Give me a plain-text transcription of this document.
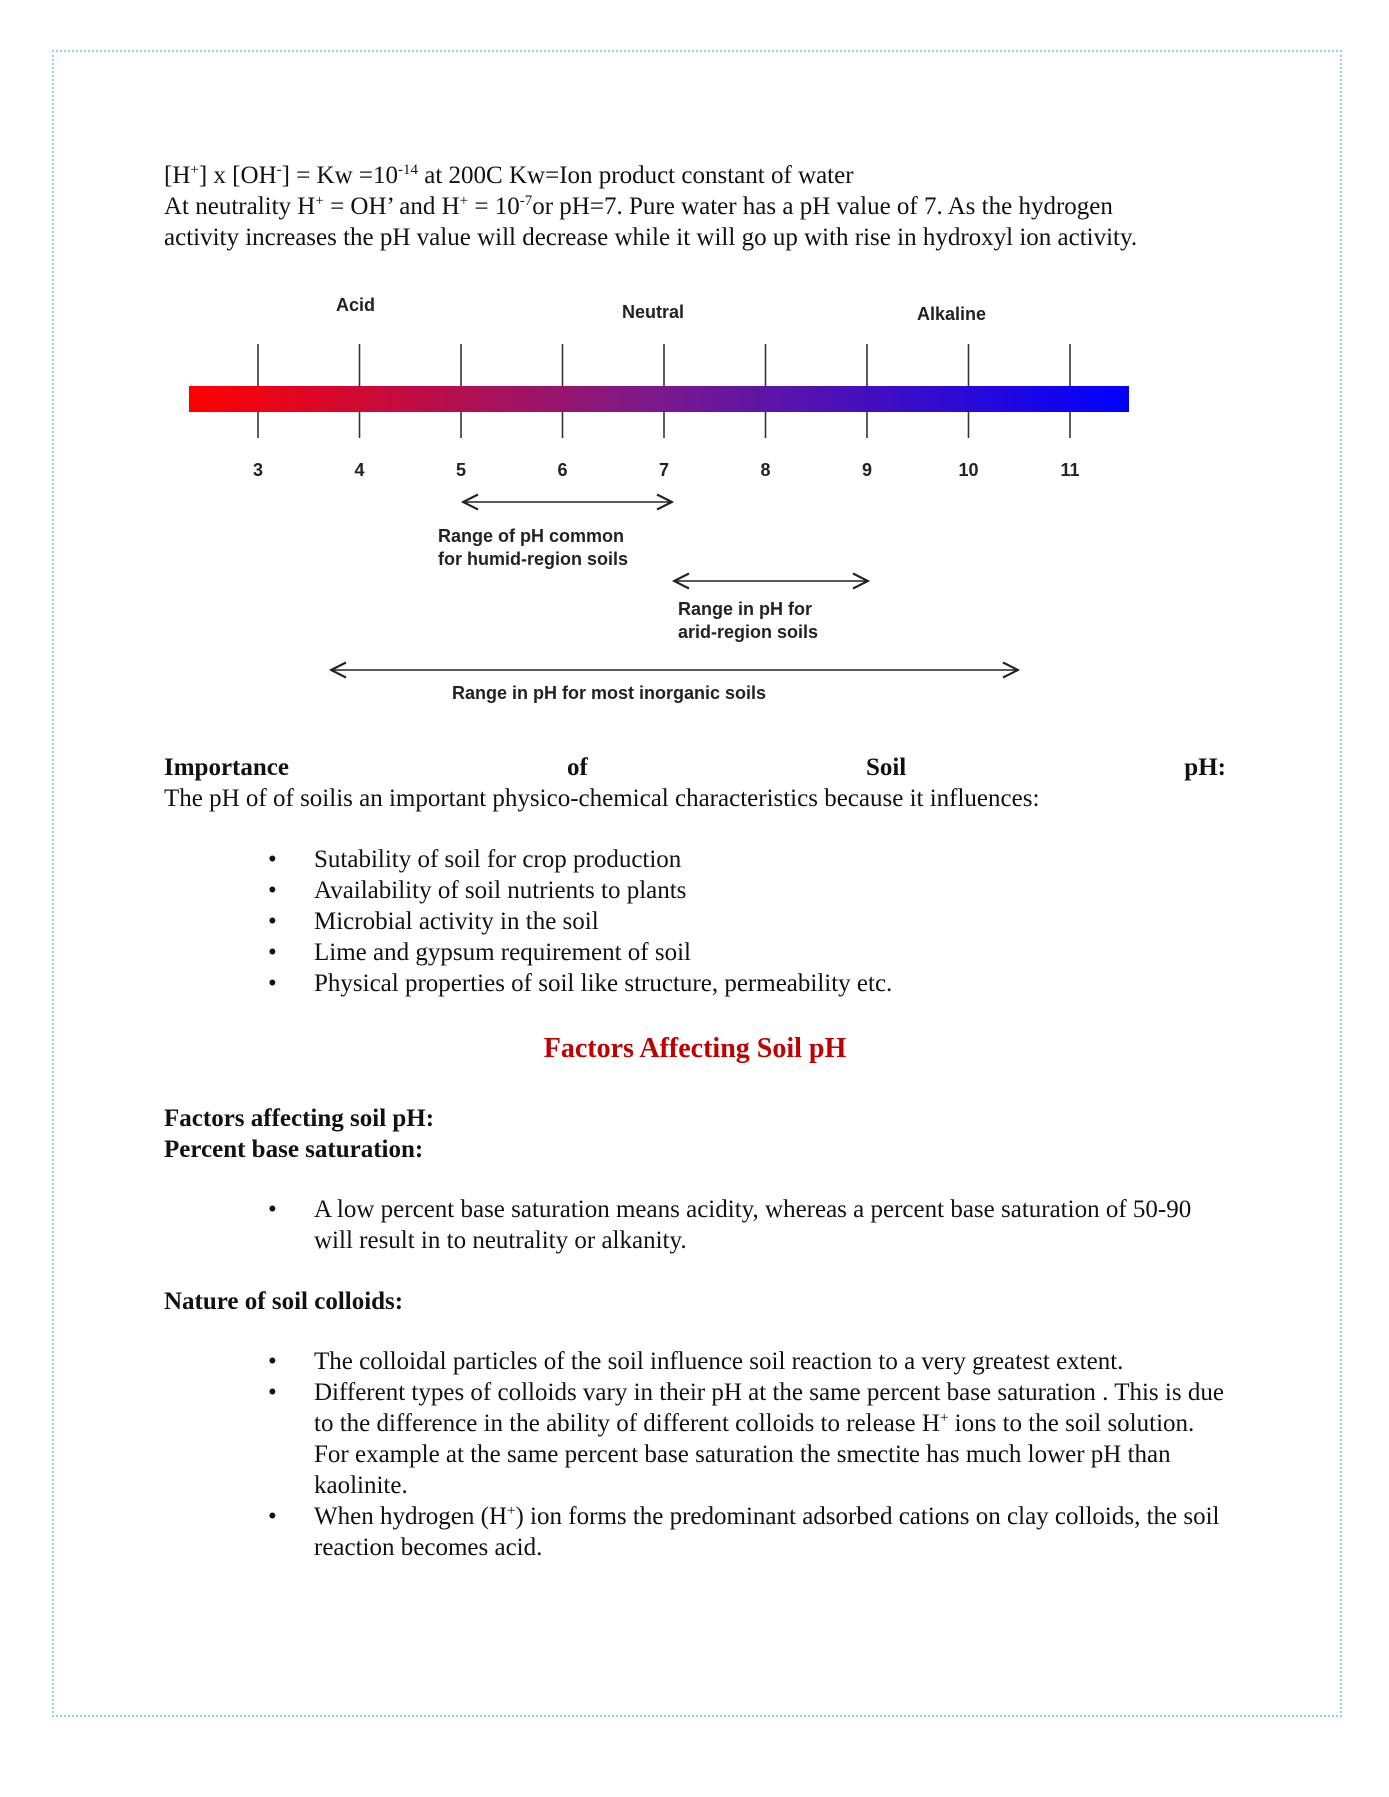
[H+] x $[OH^-] = Kw =10^{-14}$ at 200C Kw=Ion product constant of water

At neutrality H+ = OH’ and $H^+ = 10^{-7}or$ pH=7. Pure water has a pH value of 7. As the hydrogen

activity increases the pH value will decrease while it will go up with rise in hydroxyl ion activity.

Acid	Neutral	Alkaline
3	4	5	6	7	8	9	10	11
Range of pH common
for humid-region soils
Range in pH for
arid-region soils
Range in pH for most inorganic soils
Importance	of	Soil	pH:

The pH of of soilis an important physico-chemical characteristics because it influences:

• Sutability of soil for crop production
• Availability of soil nutrients to plants
• Microbial activity in the soil
• Lime and gypsum requirement of soil
• Physical properties of soil like structure, permeability etc.
Factors Affecting Soil pH

Factors affecting soil pH:

Percent base saturation:

• A low percent base saturation means acidity, whereas a percent base saturation of 50-90 will result in to neutrality or alkanity.

Nature of soil colloids:

• The colloidal particles of the soil influence soil reaction to a very greatest extent.
• Different types of colloids vary in their pH at the same percent base saturation . This is due to the difference in the ability of different colloids to release H+ ions to the soil solution. For example at the same percent base saturation the smectite has much lower pH than kaolinite.
• When hydrogen (H+) ion forms the predominant adsorbed cations on clay colloids, the soil reaction becomes acid.
